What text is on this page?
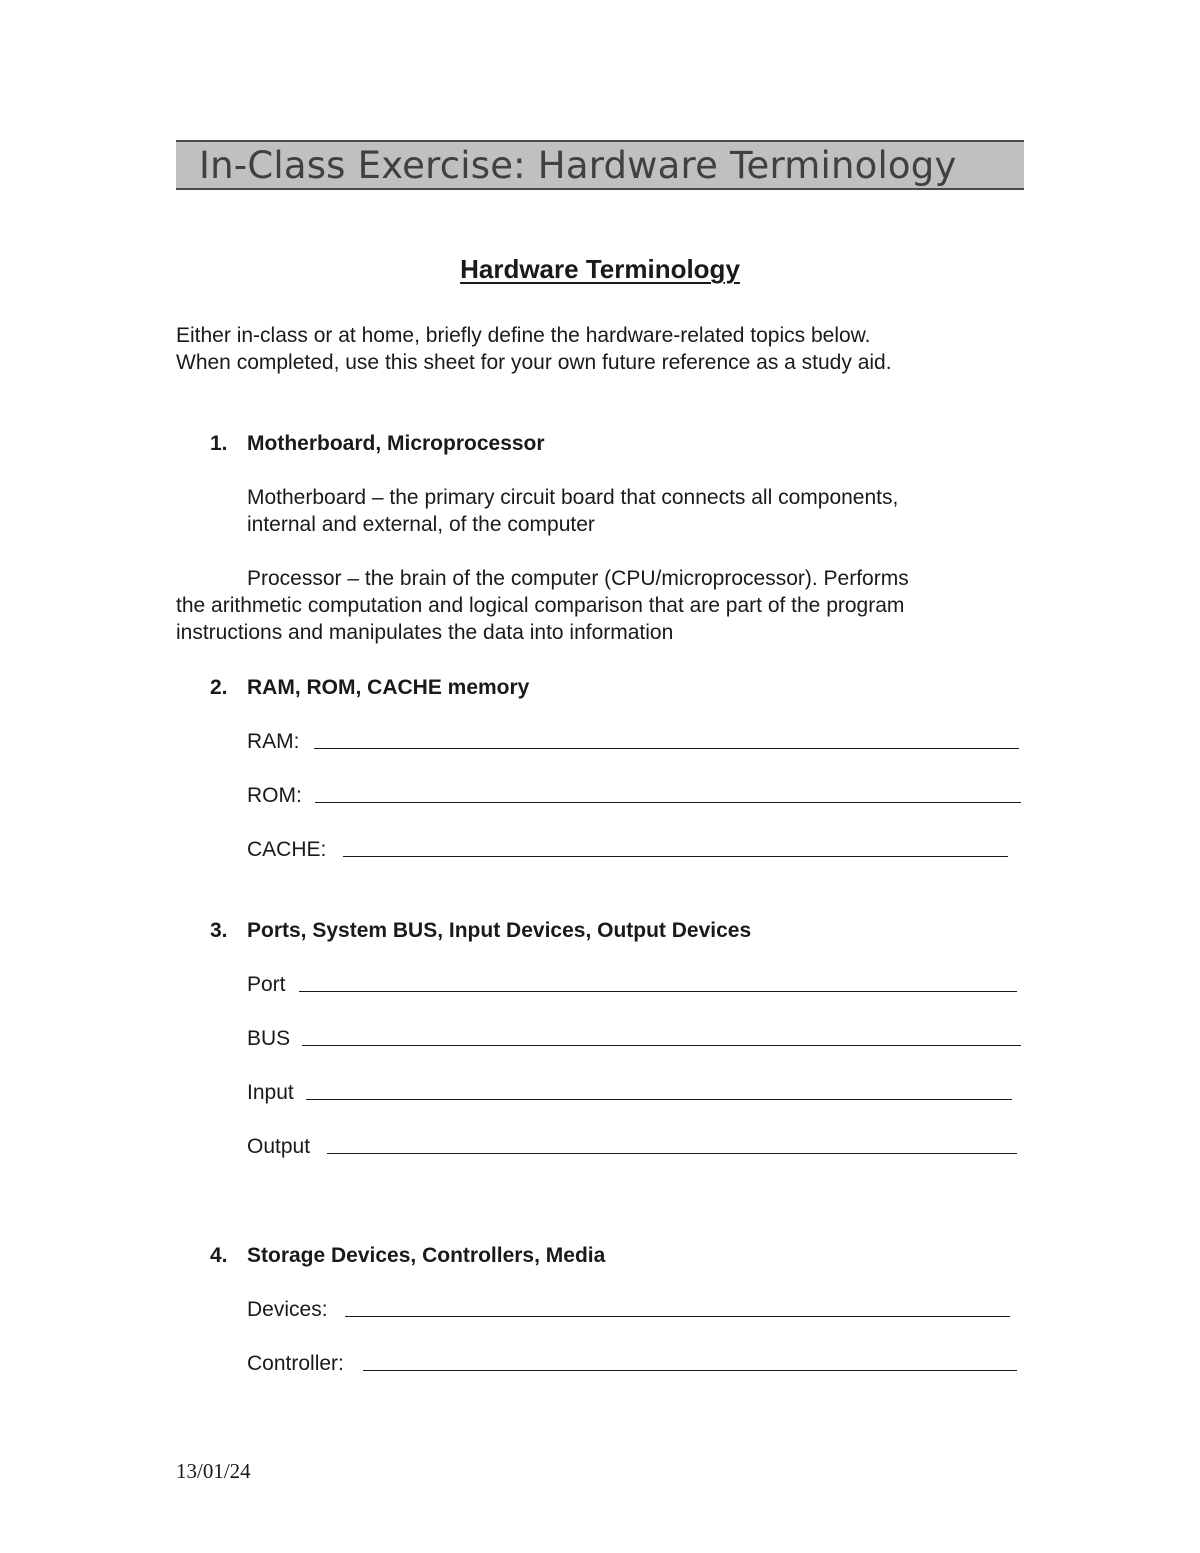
In-Class Exercise: Hardware Terminology
Hardware Terminology
Either in-class or at home, briefly define the hardware-related topics below.
When completed, use this sheet for your own future reference as a study aid.
1. Motherboard, Microprocessor
Motherboard – the primary circuit board that connects all components,
internal and external, of the computer
Processor – the brain of the computer (CPU/microprocessor). Performs
the arithmetic computation and logical comparison that are part of the program
instructions and manipulates the data into information
2. RAM, ROM, CACHE memory
RAM:
ROM:
CACHE:
3. Ports, System BUS, Input Devices, Output Devices
Port
BUS
Input
Output
4. Storage Devices, Controllers, Media
Devices:
Controller:
13/01/24
